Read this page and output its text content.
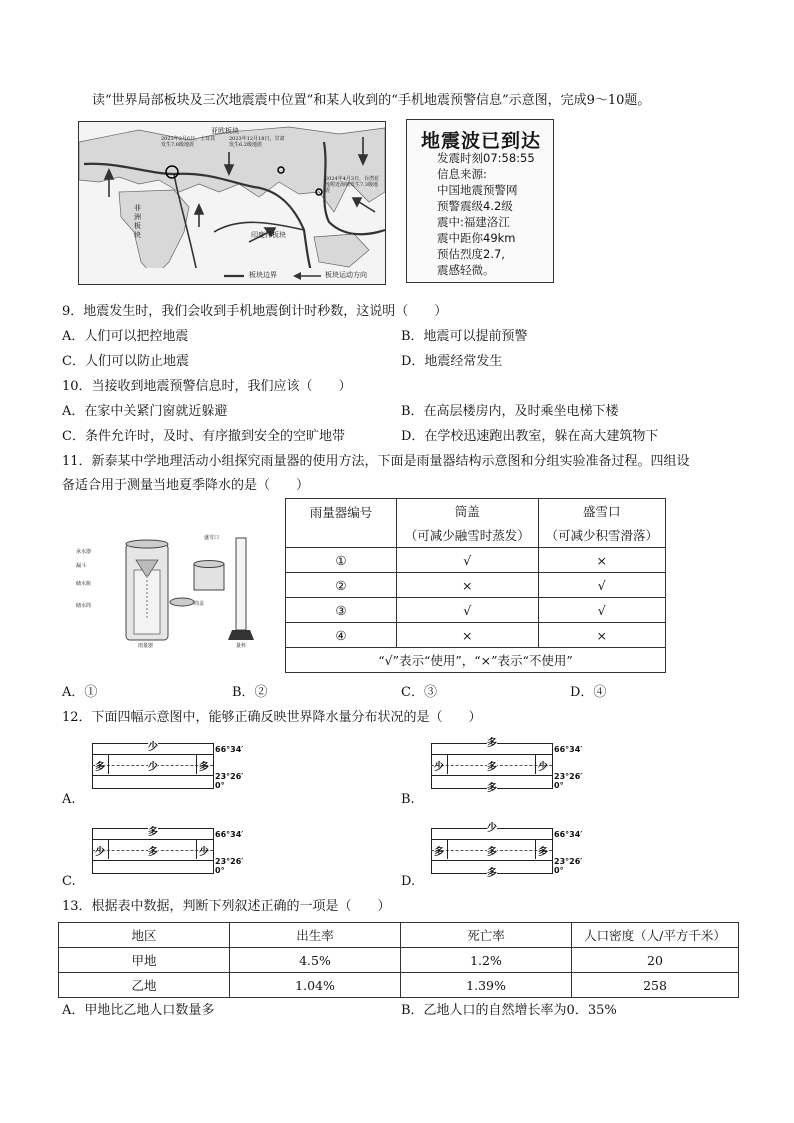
读“世界局部板块及三次地震震中位置”和某人收到的“手机地震预警信息”示意图，完成9～10题。
亚欧板块
非洲板块	印度洋板块
2023年2月6日，土耳其发生7.8级地震
2023年12月18日，甘肃发生6.2级地震
2024年4月3日，台湾花莲附近海域发生7.3级地震
板块边界	板块运动方向
地震波已到达
发震时刻07:58:55
信息来源:
中国地震预警网
预警震级4.2级
震中:福建洛江
震中距你49km
预估烈度2.7,
震感轻微。
9．地震发生时，我们会收到手机地震倒计时秒数，这说明（　　）
A．人们可以把控地震	B．地震可以提前预警
C．人们可以防止地震	D．地震经常发生
10．当接收到地震预警信息时，我们应该（　　）
A．在家中关紧门窗就近躲避	B．在高层楼房内，及时乘坐电梯下楼
C．条件允许时，及时、有序撤到安全的空旷地带	D．在学校迅速跑出教室，躲在高大建筑物下
11．新泰某中学地理活动小组探究雨量器的使用方法，下面是雨量器结构示意图和分组实验准备过程。四组设
备适合用于测量当地夏季降水的是（　　）
承水器
漏斗
储水瓶
储水筒
雨量器
盛雪口
筒盖
量杯
雨量器编号	筒盖	盛雪口
	（可减少融雪时蒸发）	（可减少积雪滑落）
①	√	×
②	×	√
③	√	√
④	×	×
“√”表示“使用”，“×”表示“不使用”		
A．①	B．②	C．③	D．④
12．下面四幅示意图中，能够正确反映世界降水量分布状况的是（　　）
A.
少
多	少	多
66°34′
23°26′
0°
B.
多
少	多	少
多
66°34′
23°26′
0°
C.
多
少	多	少
66°34′
23°26′
0°
D.
少
多	多	多
多
66°34′
23°26′
0°
13．根据表中数据，判断下列叙述正确的一项是（　　）
地区	出生率	死亡率	人口密度（人/平方千米）
甲地	4.5%	1.2%	20
乙地	1.04%	1.39%	258
A．甲地比乙地人口数量多	B．乙地人口的自然增长率为0．35%
